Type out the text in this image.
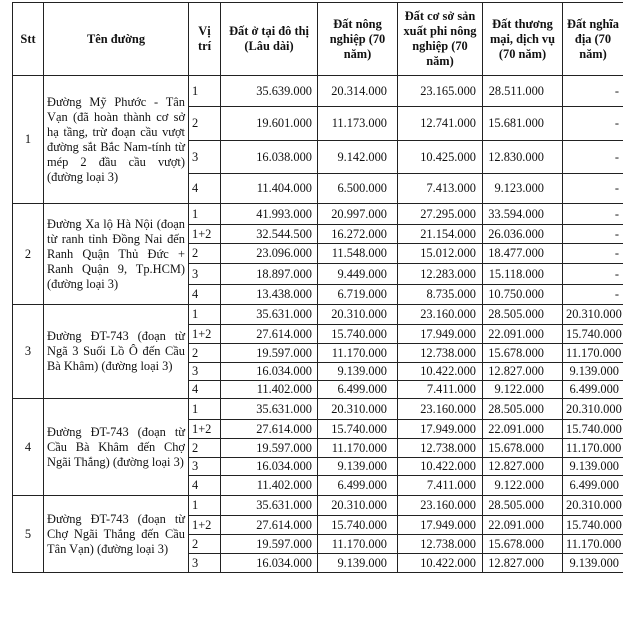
Stt	Tên đường	Vị trí	Đất ở tại đô thị (Lâu dài)	Đất nông nghiệp (70 năm)	Đất cơ sở sản xuất phi nông nghiệp (70 năm)	Đất thương mại, dịch vụ (70 năm)	Đất nghĩa địa (70 năm)
1	Đường Mỹ Phước - Tân Vạn (đã hoàn thành cơ sở hạ tầng, trừ đoạn cầu vượt đường sắt Bắc Nam-tính từ mép 2 đầu cầu vượt) (đường loại 3)	1	35.639.000	20.314.000	23.165.000	28.511.000	-
		2	19.601.000	11.173.000	12.741.000	15.681.000	-
		3	16.038.000	9.142.000	10.425.000	12.830.000	-
		4	11.404.000	6.500.000	7.413.000	9.123.000	-
2	Đường Xa lộ Hà Nội (đoạn từ ranh tỉnh Đồng Nai đến Ranh Quận Thủ Đức + Ranh Quận 9, Tp.HCM) (đường loại 3)	1	41.993.000	20.997.000	27.295.000	33.594.000	-
		1+2	32.544.500	16.272.000	21.154.000	26.036.000	-
		2	23.096.000	11.548.000	15.012.000	18.477.000	-
		3	18.897.000	9.449.000	12.283.000	15.118.000	-
		4	13.438.000	6.719.000	8.735.000	10.750.000	-
3	Đường ĐT-743 (đoạn từ Ngã 3 Suối Lồ Ô đến Cầu Bà Khâm) (đường loại 3)	1	35.631.000	20.310.000	23.160.000	28.505.000	20.310.000
		1+2	27.614.000	15.740.000	17.949.000	22.091.000	15.740.000
		2	19.597.000	11.170.000	12.738.000	15.678.000	11.170.000
		3	16.034.000	9.139.000	10.422.000	12.827.000	9.139.000
		4	11.402.000	6.499.000	7.411.000	9.122.000	6.499.000
4	Đường ĐT-743 (đoạn từ Cầu Bà Khâm đến Chợ Ngãi Thắng) (đường loại 3)	1	35.631.000	20.310.000	23.160.000	28.505.000	20.310.000
		1+2	27.614.000	15.740.000	17.949.000	22.091.000	15.740.000
		2	19.597.000	11.170.000	12.738.000	15.678.000	11.170.000
		3	16.034.000	9.139.000	10.422.000	12.827.000	9.139.000
		4	11.402.000	6.499.000	7.411.000	9.122.000	6.499.000
5	Đường ĐT-743 (đoạn từ Chợ Ngãi Thắng đến Cầu Tân Vạn) (đường loại 3)	1	35.631.000	20.310.000	23.160.000	28.505.000	20.310.000
		1+2	27.614.000	15.740.000	17.949.000	22.091.000	15.740.000
		2	19.597.000	11.170.000	12.738.000	15.678.000	11.170.000
		3	16.034.000	9.139.000	10.422.000	12.827.000	9.139.000
